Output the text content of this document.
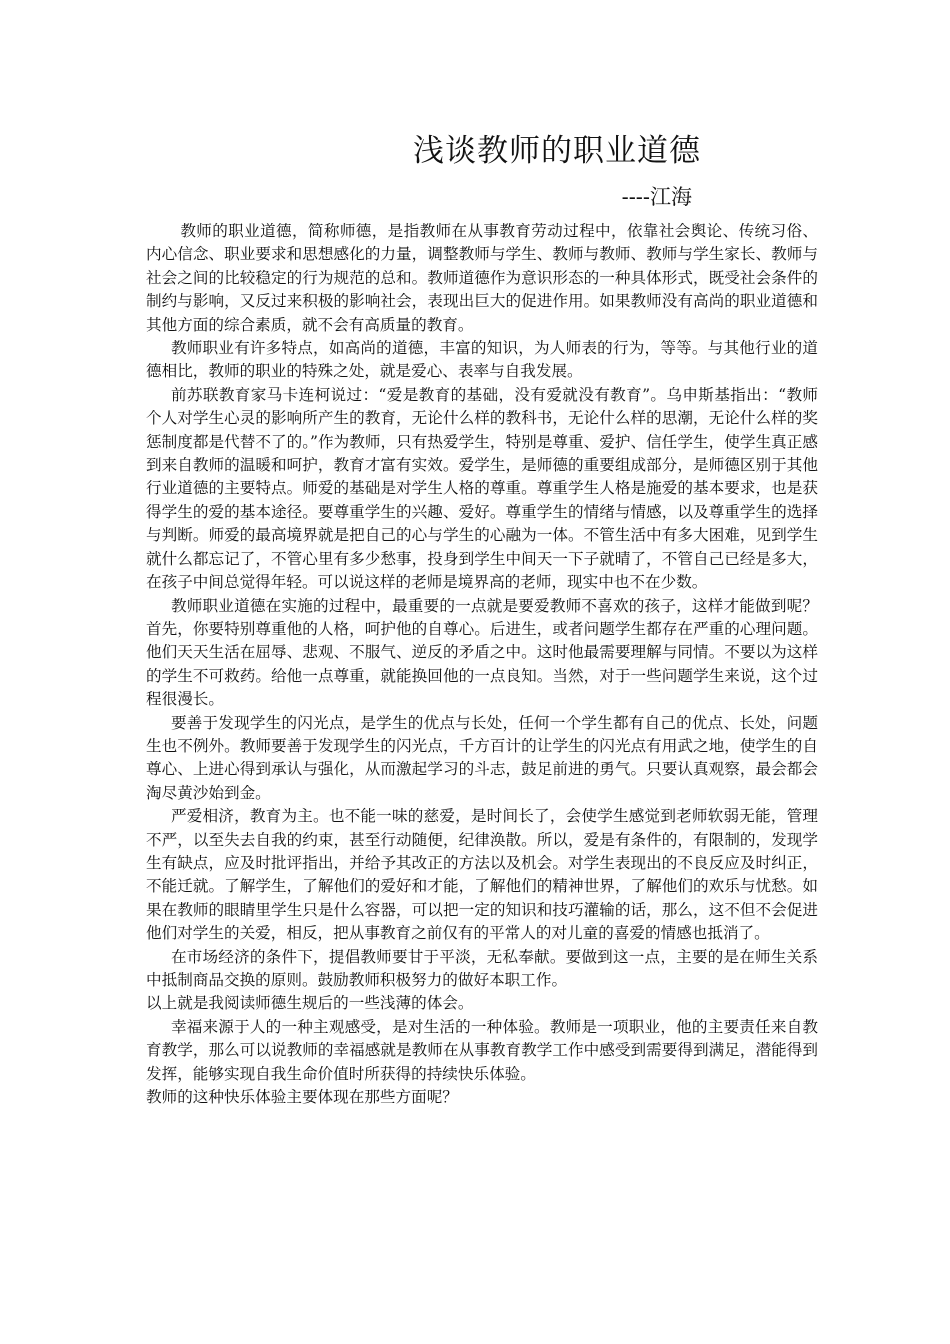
浅谈教师的职业道德
----江海

教师的职业道德，简称师德，是指教师在从事教育劳动过程中，依靠社会舆论、传统习俗、内心信念、职业要求和思想感化的力量，调整教师与学生、教师与教师、教师与学生家长、教师与社会之间的比较稳定的行为规范的总和。教师道德作为意识形态的一种具体形式，既受社会条件的制约与影响，又反过来积极的影响社会，表现出巨大的促进作用。如果教师没有高尚的职业道德和其他方面的综合素质，就不会有高质量的教育。

教师职业有许多特点，如高尚的道德，丰富的知识，为人师表的行为，等等。与其他行业的道德相比，教师的职业的特殊之处，就是爱心、表率与自我发展。

前苏联教育家马卡连柯说过：“爱是教育的基础，没有爱就没有教育”。乌申斯基指出：“教师个人对学生心灵的影响所产生的教育，无论什么样的教科书，无论什么样的思潮，无论什么样的奖惩制度都是代替不了的。”作为教师，只有热爱学生，特别是尊重、爱护、信任学生，使学生真正感到来自教师的温暖和呵护，教育才富有实效。爱学生，是师德的重要组成部分，是师德区别于其他行业道德的主要特点。师爱的基础是对学生人格的尊重。尊重学生人格是施爱的基本要求，也是获得学生的爱的基本途径。要尊重学生的兴趣、爱好。尊重学生的情绪与情感，以及尊重学生的选择与判断。师爱的最高境界就是把自己的心与学生的心融为一体。不管生活中有多大困难，见到学生就什么都忘记了，不管心里有多少愁事，投身到学生中间天一下子就晴了，不管自己已经是多大，在孩子中间总觉得年轻。可以说这样的老师是境界高的老师，现实中也不在少数。

教师职业道德在实施的过程中，最重要的一点就是要爱教师不喜欢的孩子，这样才能做到呢？首先，你要特别尊重他的人格，呵护他的自尊心。后进生，或者问题学生都存在严重的心理问题。他们天天生活在屈辱、悲观、不服气、逆反的矛盾之中。这时他最需要理解与同情。不要以为这样的学生不可救药。给他一点尊重，就能换回他的一点良知。当然，对于一些问题学生来说，这个过程很漫长。

要善于发现学生的闪光点，是学生的优点与长处，任何一个学生都有自己的优点、长处，问题生也不例外。教师要善于发现学生的闪光点，千方百计的让学生的闪光点有用武之地，使学生的自尊心、上进心得到承认与强化，从而激起学习的斗志，鼓足前进的勇气。只要认真观察，最会都会淘尽黄沙始到金。

严爱相济，教育为主。也不能一味的慈爱，是时间长了，会使学生感觉到老师软弱无能，管理不严，以至失去自我的约束，甚至行动随便，纪律涣散。所以，爱是有条件的，有限制的，发现学生有缺点，应及时批评指出，并给予其改正的方法以及机会。对学生表现出的不良反应及时纠正，不能迁就。了解学生，了解他们的爱好和才能，了解他们的精神世界，了解他们的欢乐与忧愁。如果在教师的眼睛里学生只是什么容器，可以把一定的知识和技巧灌输的话，那么，这不但不会促进他们对学生的关爱，相反，把从事教育之前仅有的平常人的对儿童的喜爱的情感也抵消了。

在市场经济的条件下，提倡教师要甘于平淡，无私奉献。要做到这一点，主要的是在师生关系中抵制商品交换的原则。鼓励教师积极努力的做好本职工作。

以上就是我阅读师德生规后的一些浅薄的体会。

幸福来源于人的一种主观感受，是对生活的一种体验。教师是一项职业，他的主要责任来自教育教学，那么可以说教师的幸福感就是教师在从事教育教学工作中感受到需要得到满足，潜能得到发挥，能够实现自我生命价值时所获得的持续快乐体验。

教师的这种快乐体验主要体现在那些方面呢？
